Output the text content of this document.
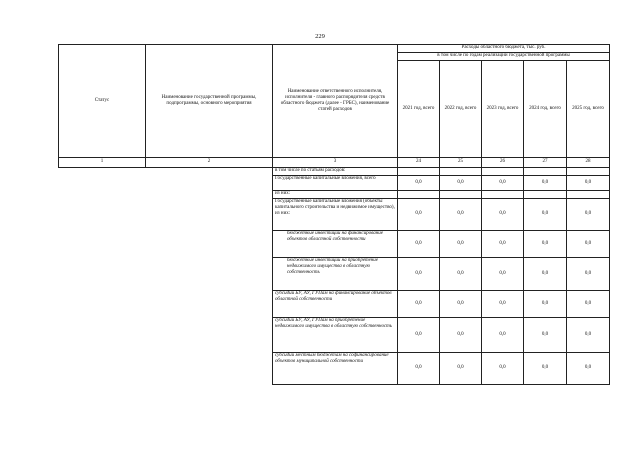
229
Статус	Наименование государственной программы, подпрограммы, основного мероприятия	Наименование ответственного исполнителя, исполнителя - главного распорядителя средств областного бюджета (далее - ГРБС), наименование статей расходов	Расходы областного бюджета, тыс. руб.				
			в том числе по годам реализации государственной программы				
			2021 год, всего	2022 год, всего	2023 год, всего	2024 год, всего	2025 год, всего
1	2	3	24	25	26	27	28
		в том числе по статьям расходов:					
		Государственные капитальные вложения, всего	0,0	0,0	0,0	0,0	0,0
		из них:					
		Государственные капитальные вложения (объекты капитального строительства и недвижимое имущество), из них:	0,0	0,0	0,0	0,0	0,0
		бюджетные инвестиции на финансирование объектов областной собственности	0,0	0,0	0,0	0,0	0,0
		бюджетные инвестиции на приобретение недвижимого имущества в областную собственность	0,0	0,0	0,0	0,0	0,0
		субсидии БУ, АУ, ГУПам на финансирование объектов областной собственности	0,0	0,0	0,0	0,0	0,0
		субсидии БУ, АУ, ГУПам на приобретение недвижимого имущества в областную собственность	0,0	0,0	0,0	0,0	0,0
		субсидии местным бюджетам на софинансирование объектов муниципальной собственности	0,0	0,0	0,0	0,0	0,0
